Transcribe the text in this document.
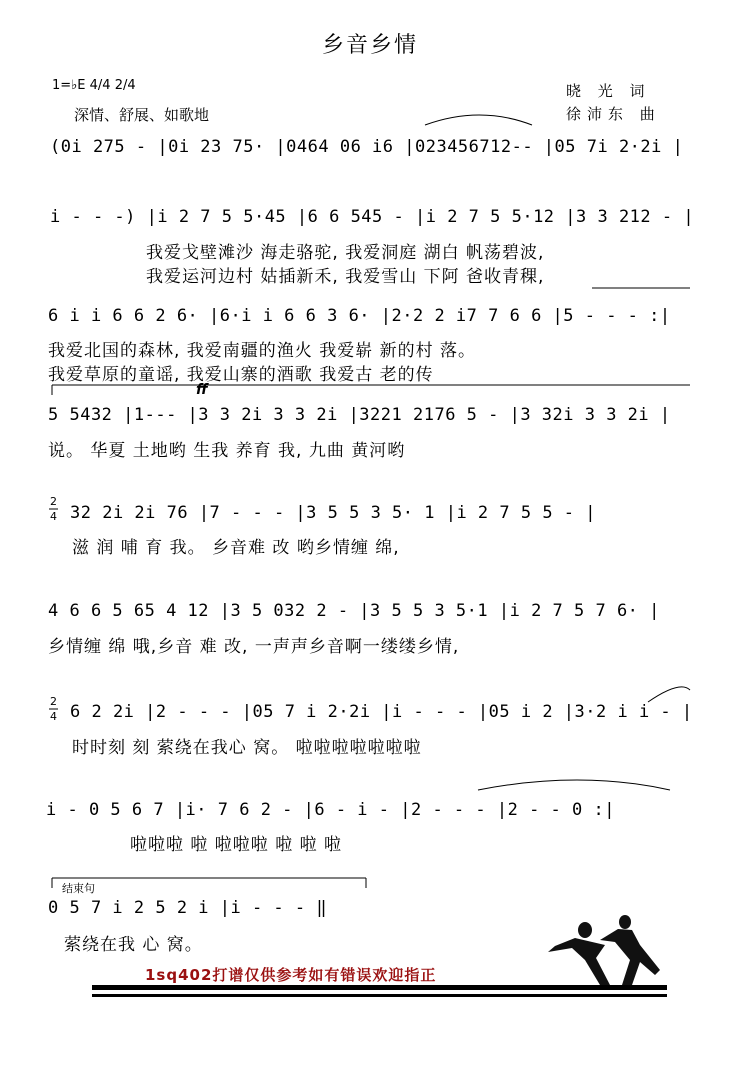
乡音乡情
1=♭E 4/4 2/4
深情、舒展、如歌地
晓 光 词
徐沛东 曲
(0i 275 - |0i 23 75· |0464 06 i6 |023456712-- |05 7i 2·2i |
i - - -) |i 2 7 5 5·45 |6 6 545 - |i 2 7 5 5·12 |3 3 212 - |
我爱戈壁滩沙 海走骆驼, 我爱洞庭 湖白 帆荡碧波,
我爱运河边村 姑插新禾, 我爱雪山 下阿 爸收青稞,
6 i i 6 6 2 6· |6·i i 6 6 3 6· |2·2 2 i7 7 6 6 |5 - - - :|
我爱北国的森林, 我爱南疆的渔火 我爱崭 新的村 落。
我爱草原的童谣, 我爱山寨的酒歌 我爱古 老的传
ff
5 5432 |1--- |3 3 2i 3 3 2i |3221 2176 5 - |3 32i 3 3 2i |
说。 华夏 土地哟 生我 养育 我, 九曲 黄河哟
32 2i 2i 76 |7 - - - |3 5 5 3 5· 1 |i 2 7 5 5 - |
滋 润 哺 育 我。 乡音难 改 哟乡情缠 绵,
4 6 6 5 65 4 12 |3 5 032 2 - |3 5 5 3 5·1 |i 2 7 5 7 6· |
乡情缠 绵 哦,乡音 难 改, 一声声乡音啊一缕缕乡情,
6 2 2i |2 - - - |05 7 i 2·2i |i - - - |05 i 2 |3·2 i i - |
时时刻 刻 萦绕在我心 窝。 啦啦啦啦啦啦啦
i - 0 5 6 7 |i· 7 6 2 - |6 - i - |2 - - - |2 - - 0 :|
啦啦啦 啦 啦啦啦 啦 啦 啦
结束句
0 5 7 i 2 5 2 i |i - - - ‖
萦绕在我 心 窝。
2
4
2
4
1sq402打谱仅供参考如有错误欢迎指正
